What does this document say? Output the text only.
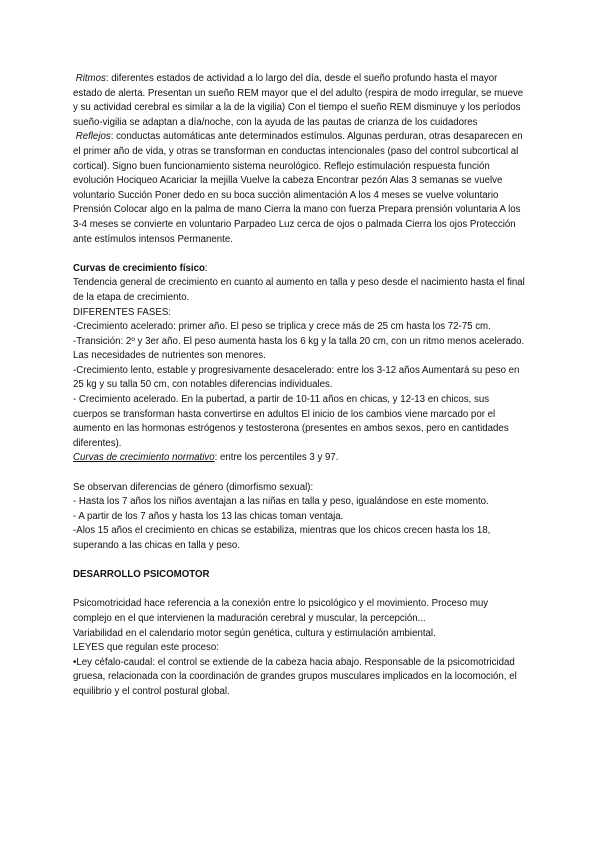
Ritmos: diferentes estados de actividad a lo largo del día, desde el sueño profundo hasta el mayor estado de alerta. Presentan un sueño REM mayor que el del adulto (respira de modo irregular, se mueve y su actividad cerebral es similar a la de la vigilia) Con el tiempo el sueño REM disminuye y los períodos sueño-vigilia se adaptan a día/noche, con la ayuda de las pautas de crianza de los cuidadores

Reflejos: conductas automáticas ante determinados estímulos. Algunas perduran, otras desaparecen en el primer año de vida, y otras se transforman en conductas intencionales (paso del control subcortical al cortical). Signo buen funcionamiento sistema neurológico. Reflejo estimulación respuesta función evolución Hociqueo Acariciar la mejilla Vuelve la cabeza Encontrar pezón Alas 3 semanas se vuelve voluntario Succión Poner dedo en su boca succión alimentación A los 4 meses se vuelve voluntario Prensión Colocar algo en la palma de mano Cierra la mano con fuerza Prepara prensión voluntaria A los 3-4 meses se convierte en voluntario Parpadeo Luz cerca de ojos o palmada Cierra los ojos Protección ante estímulos intensos Permanente.

Curvas de crecimiento físico:

Tendencia general de crecimiento en cuanto al aumento en talla y peso desde el nacimiento hasta el final de la etapa de crecimiento.

DIFERENTES FASES:

-Crecimiento acelerado: primer año. El peso se triplica y crece más de 25 cm hasta los 72-75 cm.

-Transición: 2º y 3er año. El peso aumenta hasta los 6 kg y la talla 20 cm, con un ritmo menos acelerado. Las necesidades de nutrientes son menores.

-Crecimiento lento, estable y progresivamente desacelerado: entre los 3-12 años Aumentará su peso en 25 kg y su talla 50 cm, con notables diferencias individuales.

- Crecimiento acelerado. En la pubertad, a partir de 10-11 años en chicas, y 12-13 en chicos, sus cuerpos se transforman hasta convertirse en adultos El inicio de los cambios viene marcado por el aumento en las hormonas estrógenos y testosterona (presentes en ambos sexos, pero en cantidades diferentes).

Curvas de crecimiento normativo: entre los percentiles 3 y 97.

Se observan diferencias de género (dimorfismo sexual):

- Hasta los 7 años los niños aventajan a las niñas en talla y peso, igualándose en este momento.

- A partir de los 7 años y hasta los 13 las chicas toman ventaja.

-Alos 15 años el crecimiento en chicas se estabiliza, mientras que los chicos crecen hasta los 18, superando a las chicas en talla y peso.

DESARROLLO PSICOMOTOR

Psicomotricidad hace referencia a la conexión entre lo psicológico y el movimiento. Proceso muy complejo en el que intervienen la maduración cerebral y muscular, la percepción...

Variabilidad en el calendario motor según genética, cultura y estimulación ambiental.

LEYES que regulan este proceso:

•Ley céfalo-caudal: el control se extiende de la cabeza hacia abajo. Responsable de la psicomotricidad gruesa, relacionada con la coordinación de grandes grupos musculares implicados en la locomoción, el equilibrio y el control postural global.
